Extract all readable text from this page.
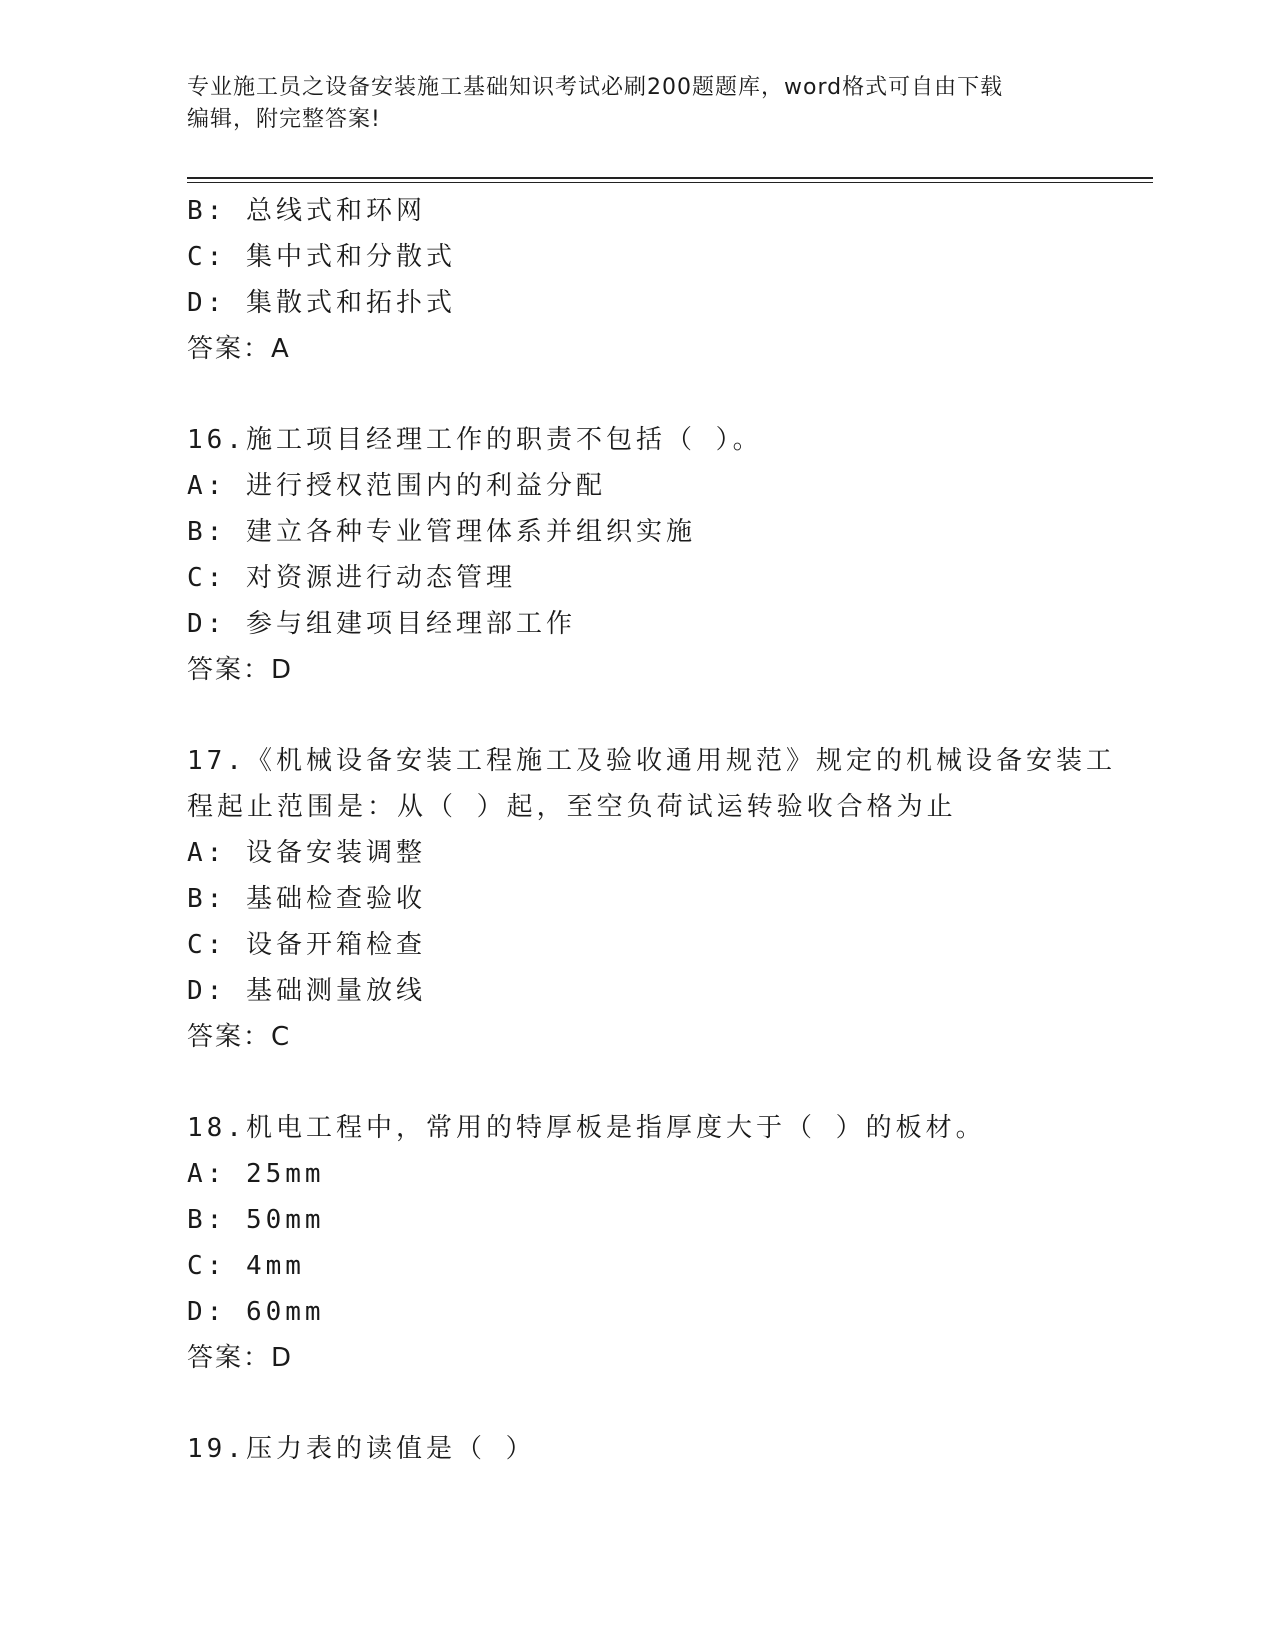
专业施工员之设备安装施工基础知识考试必刷200题题库，word格式可自由下载
编辑，附完整答案!
B: 总线式和环网
C: 集中式和分散式
D: 集散式和拓扑式
答案：A
16.施工项目经理工作的职责不包括（ ）。
A: 进行授权范围内的利益分配
B: 建立各种专业管理体系并组织实施
C: 对资源进行动态管理
D: 参与组建项目经理部工作
答案：D
17.《机械设备安装工程施工及验收通用规范》规定的机械设备安装工
程起止范围是：从（ ）起，至空负荷试运转验收合格为止
A: 设备安装调整
B: 基础检查验收
C: 设备开箱检查
D: 基础测量放线
答案：C
18.机电工程中，常用的特厚板是指厚度大于（ ）的板材。
A: 25mm
B: 50mm
C: 4mm
D: 60mm
答案：D
19.压力表的读值是（ ）
